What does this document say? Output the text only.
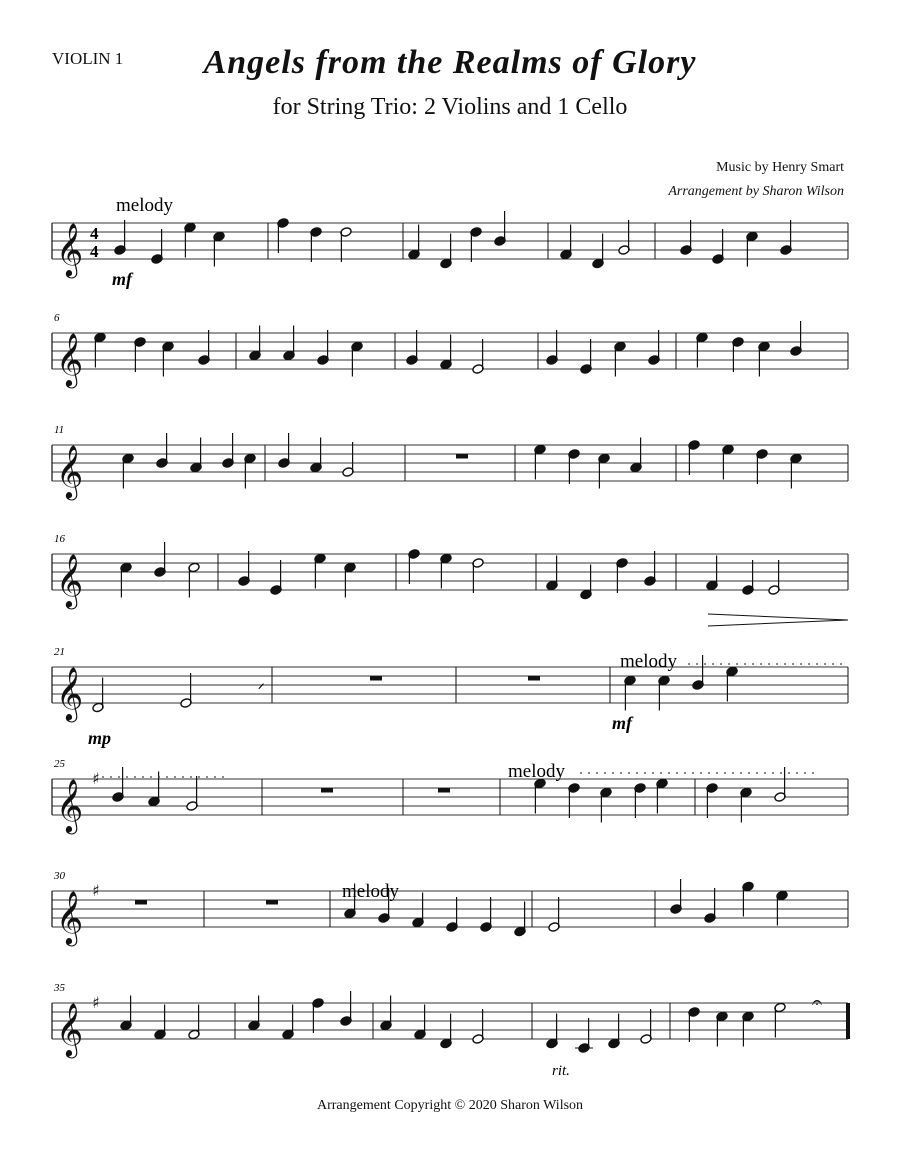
VIOLIN 1	Angels from the Realms of Glory
for String Trio: 2 Violins and 1 Cello
Music by Henry Smart
Arrangement by Sharon Wilson
𝄞 4
4
𝄞
6
𝄞
11
𝄞
16
𝄞
21
𝄍
𝄞 ♯
25
𝄞 ♯
30
𝄞 ♯
35
melody
mf
mp
mf
melody
melody
melody
rit.
𝄐
Arrangement Copyright © 2020 Sharon Wilson
